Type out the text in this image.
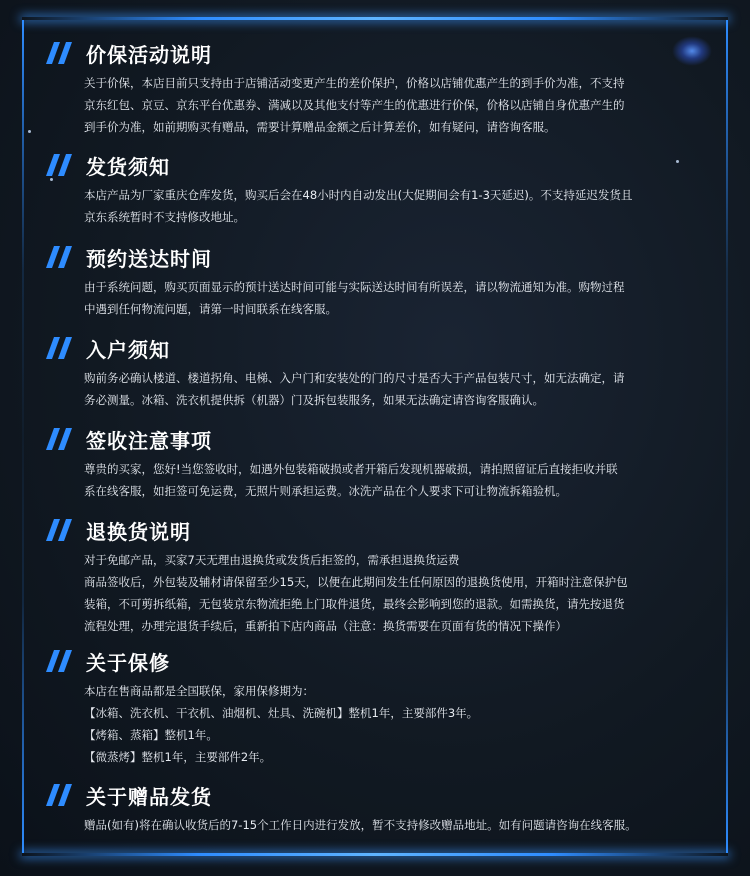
价保活动说明
关于价保，本店目前只支持由于店铺活动变更产生的差价保护，价格以店铺优惠产生的到手价为准，不支持
京东红包、京豆、京东平台优惠券、满减以及其他支付等产生的优惠进行价保，价格以店铺自身优惠产生的
到手价为准，如前期购买有赠品，需要计算赠品金额之后计算差价，如有疑问，请咨询客服。
发货须知
本店产品为厂家重庆仓库发货，购买后会在48小时内自动发出(大促期间会有1-3天延迟)。不支持延迟发货且
京东系统暂时不支持修改地址。
预约送达时间
由于系统问题，购买页面显示的预计送达时间可能与实际送达时间有所误差，请以物流通知为准。购物过程
中遇到任何物流问题，请第一时间联系在线客服。
入户须知
购前务必确认楼道、楼道拐角、电梯、入户门和安装处的门的尺寸是否大于产品包装尺寸，如无法确定，请
务必测量。冰箱、洗衣机提供拆（机器）门及拆包装服务，如果无法确定请咨询客服确认。
签收注意事项
尊贵的买家，您好!当您签收时，如遇外包装箱破损或者开箱后发现机器破损，请拍照留证后直接拒收并联
系在线客服，如拒签可免运费，无照片则承担运费。冰洗产品在个人要求下可让物流拆箱验机。
退换货说明
对于免邮产品，买家7天无理由退换货或发货后拒签的，需承担退换货运费
商品签收后，外包装及辅材请保留至少15天，以便在此期间发生任何原因的退换货使用，开箱时注意保护包
装箱，不可剪拆纸箱，无包装京东物流拒绝上门取件退货，最终会影响到您的退款。如需换货，请先按退货
流程处理，办理完退货手续后，重新拍下店内商品（注意：换货需要在页面有货的情况下操作）
关于保修
本店在售商品都是全国联保，家用保修期为：
【冰箱、洗衣机、干衣机、油烟机、灶具、洗碗机】整机1年，主要部件3年。
【烤箱、蒸箱】整机1年。
【微蒸烤】整机1年，主要部件2年。
关于赠品发货
赠品(如有)将在确认收货后的7-15个工作日内进行发放，暂不支持修改赠品地址。如有问题请咨询在线客服。
